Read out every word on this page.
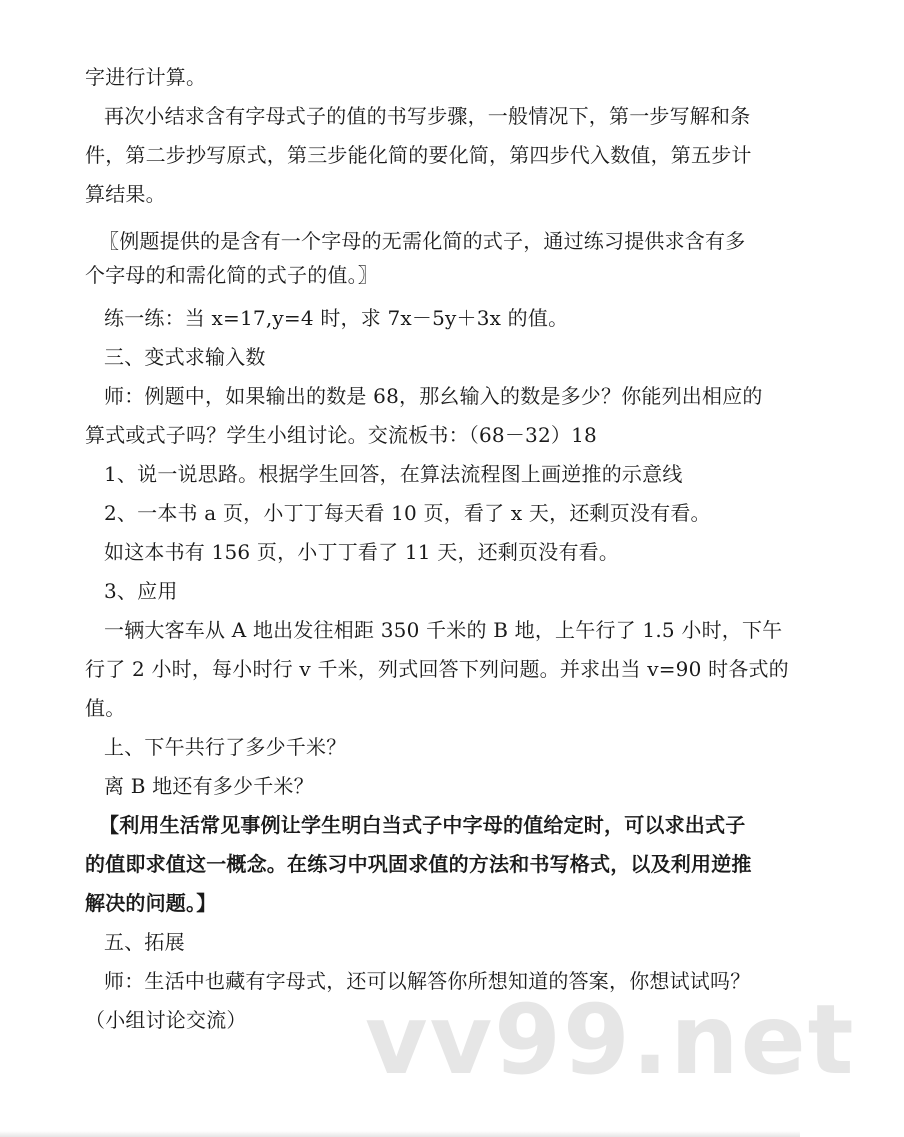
字进行计算。
再次小结求含有字母式子的值的书写步骤，一般情况下，第一步写解和条
件，第二步抄写原式，第三步能化简的要化简，第四步代入数值，第五步计
算结果。
〖例题提供的是含有一个字母的无需化简的式子，通过练习提供求含有多
个字母的和需化简的式子的值。〗
练一练：当 x=17,y=4 时，求 7x－5y＋3x 的值。
三、变式求输入数
师：例题中，如果输出的数是 68，那幺输入的数是多少？你能列出相应的
算式或式子吗？学生小组讨论。交流板书：（68－32）18
1、说一说思路。根据学生回答，在算法流程图上画逆推的示意线
2、一本书 a 页，小丁丁每天看 10 页，看了 x 天，还剩页没有看。
如这本书有 156 页，小丁丁看了 11 天，还剩页没有看。
3、应用
一辆大客车从 A 地出发往相距 350 千米的 B 地，上午行了 1.5 小时，下午
行了 2 小时，每小时行 v 千米，列式回答下列问题。并求出当 v=90 时各式的
值。
上、下午共行了多少千米？
离 B 地还有多少千米？
【利用生活常见事例让学生明白当式子中字母的值给定时，可以求出式子
的值即求值这一概念。在练习中巩固求值的方法和书写格式，以及利用逆推
解决的问题。】
五、拓展
师：生活中也藏有字母式，还可以解答你所想知道的答案，你想试试吗？
（小组讨论交流）	vv99.net
